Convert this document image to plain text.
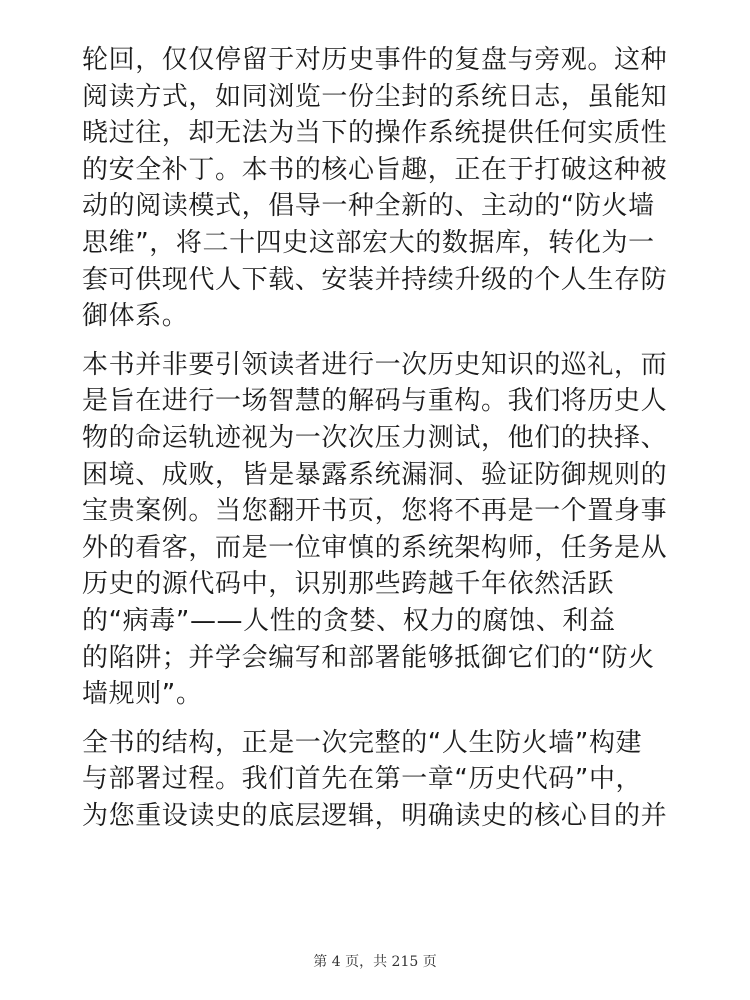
轮回，仅仅停留于对历史事件的复盘与旁观。这种
阅读方式，如同浏览一份尘封的系统日志，虽能知
晓过往，却无法为当下的操作系统提供任何实质性
的安全补丁。本书的核心旨趣，正在于打破这种被
动的阅读模式，倡导一种全新的、主动的“防火墙
思维”，将二十四史这部宏大的数据库，转化为一
套可供现代人下载、安装并持续升级的个人生存防
御体系。
本书并非要引领读者进行一次历史知识的巡礼，而
是旨在进行一场智慧的解码与重构。我们将历史人
物的命运轨迹视为一次次压力测试，他们的抉择、
困境、成败，皆是暴露系统漏洞、验证防御规则的
宝贵案例。当您翻开书页，您将不再是一个置身事
外的看客，而是一位审慎的系统架构师，任务是从
历史的源代码中，识别那些跨越千年依然活跃
的“病毒”——人性的贪婪、权力的腐蚀、利益
的陷阱；并学会编写和部署能够抵御它们的“防火
墙规则”。
全书的结构，正是一次完整的“人生防火墙”构建
与部署过程。我们首先在第一章“历史代码”中，
为您重设读史的底层逻辑，明确读史的核心目的并
第 4 页，共 215 页
